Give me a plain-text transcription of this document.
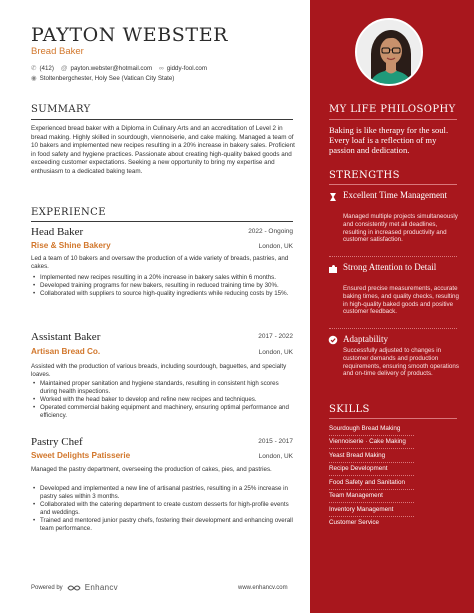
PAYTON WEBSTER
Bread Baker
✆ (412) @ payton.webster@hotmail.com ∞ giddy-fool.com
◉ Stoltenbergchester, Holy See (Vatican City State)
SUMMARY
Experienced bread baker with a Diploma in Culinary Arts and an accreditation of Level 2 in bread making. Highly skilled in sourdough, viennoiserie, and cake making. Managed a team of 10 bakers and implemented new recipes resulting in a 20% increase in bakery sales. Proficient in food safety and hygiene practices. Passionate about creating high-quality baked goods and exceeding customer expectations. Seeking a new opportunity to bring my expertise and enthusiasm to a dedicated baking team.
EXPERIENCE
Head Baker	2022 - Ongoing
Rise & Shine Bakery	London, UK
Led a team of 10 bakers and oversaw the production of a wide variety of breads, pastries, and cakes.
• Implemented new recipes resulting in a 20% increase in bakery sales within 6 months.
• Developed training programs for new bakers, resulting in reduced training time by 30%.
• Collaborated with suppliers to source high-quality ingredients while reducing costs by 15%.
Assistant Baker	2017 - 2022
Artisan Bread Co.	London, UK
Assisted with the production of various breads, including sourdough, baguettes, and specialty loaves.
• Maintained proper sanitation and hygiene standards, resulting in consistent high scores during health inspections.
• Worked with the head baker to develop and refine new recipes and techniques.
• Operated commercial baking equipment and machinery, ensuring optimal performance and efficiency.
Pastry Chef	2015 - 2017
Sweet Delights Patisserie	London, UK
Managed the pastry department, overseeing the production of cakes, pies, and pastries.
• Developed and implemented a new line of artisanal pastries, resulting in a 25% increase in pastry sales within 3 months.
• Collaborated with the catering department to create custom desserts for high-profile events and weddings.
• Trained and mentored junior pastry chefs, fostering their development and enhancing overall team performance.
MY LIFE PHILOSOPHY
Baking is like therapy for the soul. Every loaf is a reflection of my passion and dedication.
STRENGTHS
Excellent Time Management
Managed multiple projects simultaneously and consistently met all deadlines, resulting in increased productivity and customer satisfaction.
Strong Attention to Detail
Ensured precise measurements, accurate baking times, and quality checks, resulting in high-quality baked goods and positive customer feedback.
Adaptability
Successfully adjusted to changes in customer demands and production requirements, ensuring smooth operations and on-time delivery of products.
SKILLS
Sourdough Bread Making
Viennoiserie · Cake Making
Yeast Bread Making
Recipe Development
Food Safety and Sanitation
Team Management
Inventory Management
Customer Service
Powered by	Enhancv	www.enhancv.com
